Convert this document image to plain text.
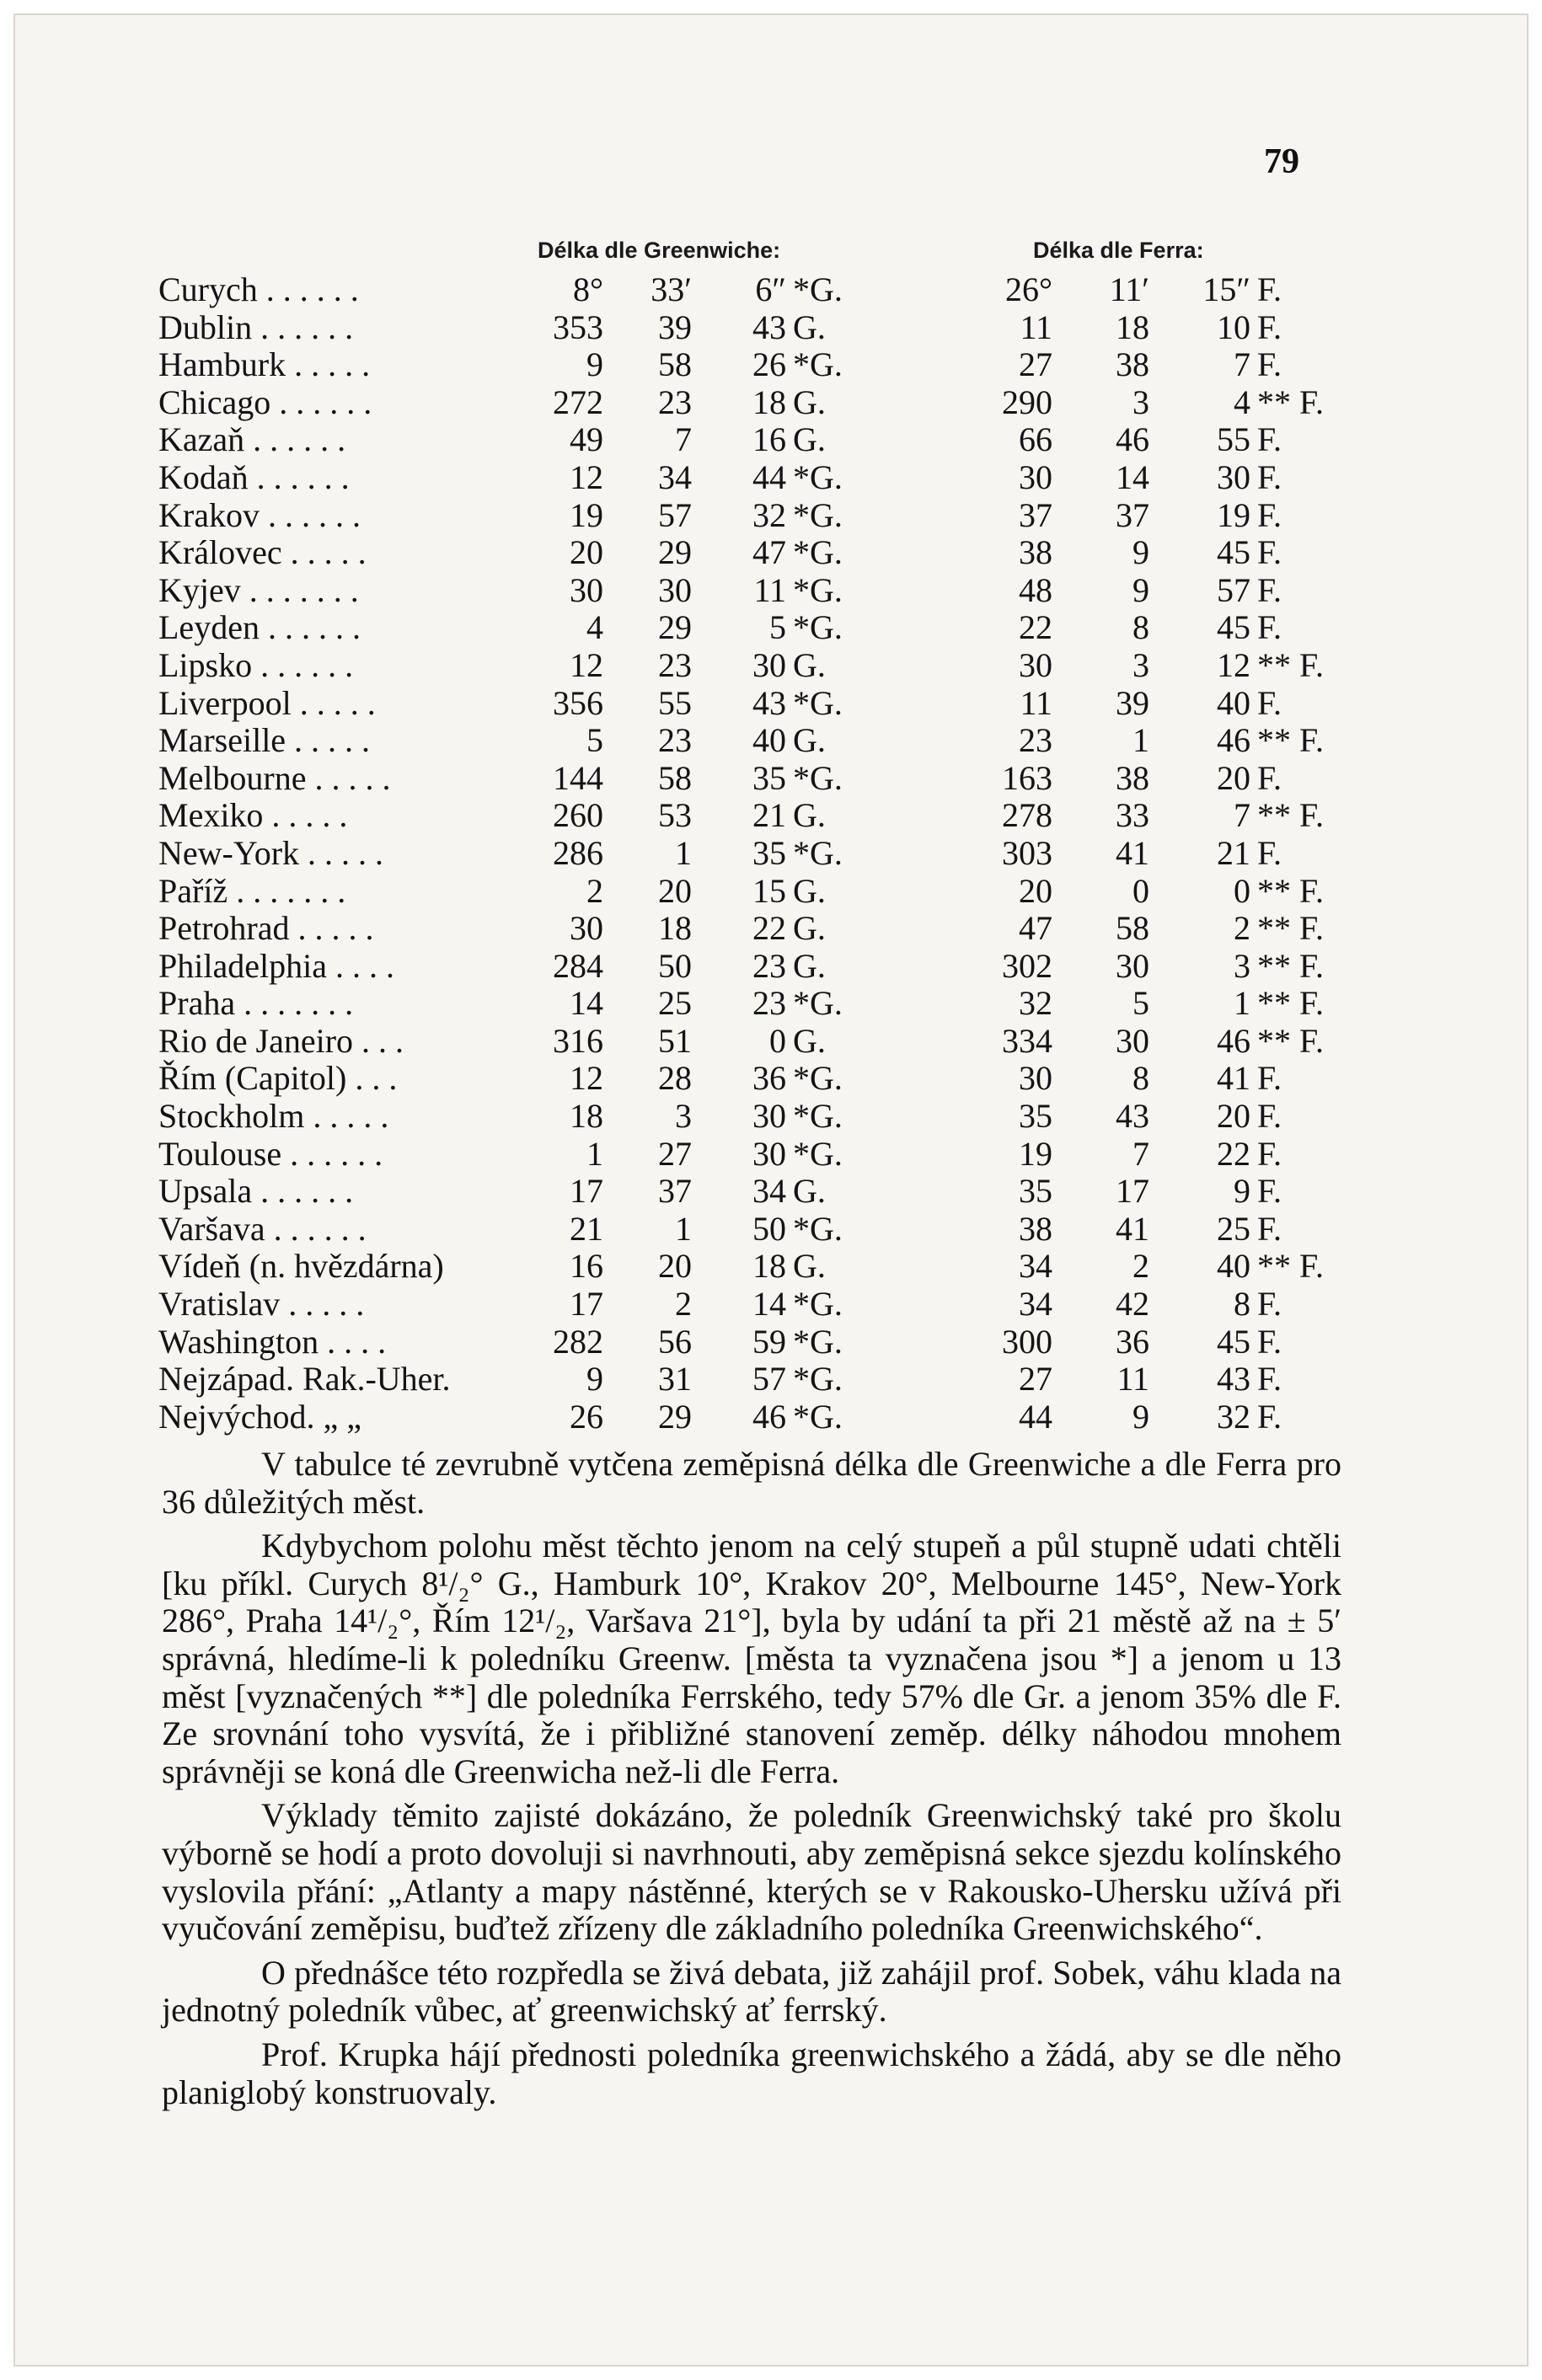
79
Délka dle Greenwiche:	Délka dle Ferra:
Curych . . . . . .	8°	33′	6″	*G.	26°	11′	15″	F.
Dublin . . . . . .	353	39	43	G.	11	18	10	F.
Hamburk . . . . .	9	58	26	*G.	27	38	7	F.
Chicago . . . . . .	272	23	18	G.	290	3	4	** F.
Kazaň . . . . . .	49	7	16	G.	66	46	55	F.
Kodaň . . . . . .	12	34	44	*G.	30	14	30	F.
Krakov . . . . . .	19	57	32	*G.	37	37	19	F.
Královec . . . . .	20	29	47	*G.	38	9	45	F.
Kyjev . . . . . . .	30	30	11	*G.	48	9	57	F.
Leyden . . . . . .	4	29	5	*G.	22	8	45	F.
Lipsko . . . . . .	12	23	30	G.	30	3	12	** F.
Liverpool . . . . .	356	55	43	*G.	11	39	40	F.
Marseille . . . . .	5	23	40	G.	23	1	46	** F.
Melbourne . . . . .	144	58	35	*G.	163	38	20	F.
Mexiko . . . . .	260	53	21	G.	278	33	7	** F.
New-York . . . . .	286	1	35	*G.	303	41	21	F.
Paříž . . . . . . .	2	20	15	G.	20	0	0	** F.
Petrohrad . . . . .	30	18	22	G.	47	58	2	** F.
Philadelphia . . . .	284	50	23	G.	302	30	3	** F.
Praha . . . . . . .	14	25	23	*G.	32	5	1	** F.
Rio de Janeiro . . .	316	51	0	G.	334	30	46	** F.
Řím (Capitol) . . .	12	28	36	*G.	30	8	41	F.
Stockholm . . . . .	18	3	30	*G.	35	43	20	F.
Toulouse . . . . . .	1	27	30	*G.	19	7	22	F.
Upsala . . . . . .	17	37	34	G.	35	17	9	F.
Varšava . . . . . .	21	1	50	*G.	38	41	25	F.
Vídeň (n. hvězdárna)	16	20	18	G.	34	2	40	** F.
Vratislav . . . . .	17	2	14	*G.	34	42	8	F.
Washington . . . .	282	56	59	*G.	300	36	45	F.
Nejzápad. Rak.-Uher.	9	31	57	*G.	27	11	43	F.
Nejvýchod. „ „	26	29	46	*G.	44	9	32	F.

V tabulce té zevrubně vytčena zeměpisná délka dle Greenwiche a dle Ferra pro 36 důležitých měst.

Kdybychom polohu měst těchto jenom na celý stupeň a půl stupně udati chtěli [ku příkl. Curych 8¹/₂° G., Hamburk 10°, Krakov 20°, Melbourne 145°, New-York 286°, Praha 14¹/₂°, Řím 12¹/₂, Varšava 21°], byla by udání ta při 21 městě až na ± 5′ správná, hledíme-li k poledníku Greenw. [města ta vyznačena jsou *] a jenom u 13 měst [vyznačených **] dle poledníka Ferrského, tedy 57% dle Gr. a jenom 35% dle F. Ze srovnání toho vysvítá, že i přibližné stanovení zeměp. délky náhodou mnohem správněji se koná dle Greenwicha než-li dle Ferra.

Výklady těmito zajisté dokázáno, že poledník Greenwichský také pro školu výborně se hodí a proto dovoluji si navrhnouti, aby zeměpisná sekce sjezdu kolínského vyslovila přání: „Atlanty a mapy nástěnné, kterých se v Rakousko-Uhersku užívá při vyučování zeměpisu, buďtež zřízeny dle základního poledníka Greenwichského“.

O přednášce této rozpředla se živá debata, již zahájil prof. Sobek, váhu klada na jednotný poledník vůbec, ať greenwichský ať ferrský.

Prof. Krupka hájí přednosti poledníka greenwichského a žádá, aby se dle něho planiglobý konstruovaly.
